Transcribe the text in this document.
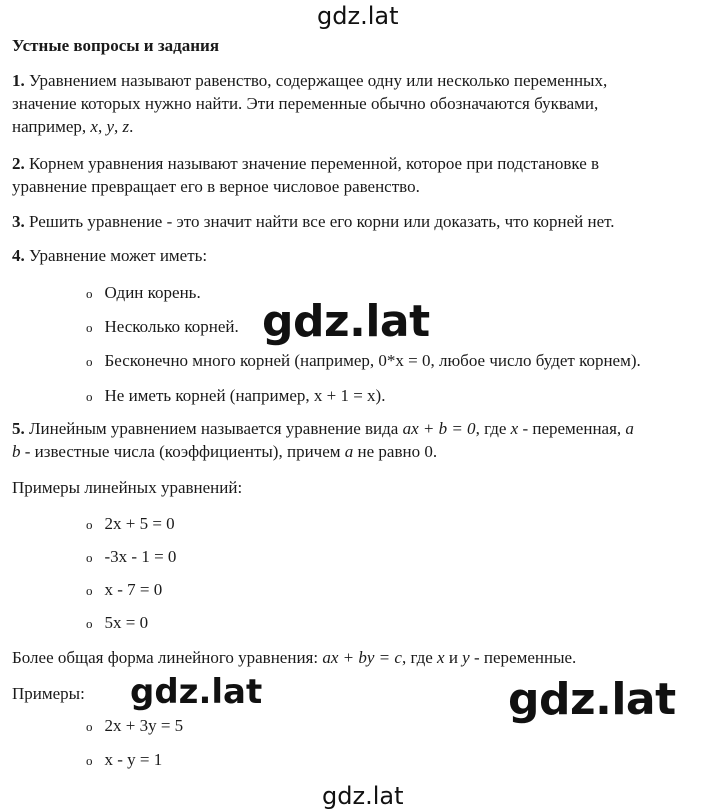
gdz.lat
gdz.lat
gdz.lat	gdz.lat
gdz.lat
Устные вопросы и задания
1. Уравнением называют равенство, содержащее одну или несколько переменных,
значение которых нужно найти. Эти переменные обычно обозначаются буквами,
например, x, y, z.
2. Корнем уравнения называют значение переменной, которое при подстановке в
уравнение превращает его в верное числовое равенство.
3. Решить уравнение - это значит найти все его корни или доказать, что корней нет.
4. Уравнение может иметь:
o Один корень.
o Несколько корней.
o Бесконечно много корней (например, 0*x = 0, любое число будет корнем).
o Не иметь корней (например, x + 1 = x).
5. Линейным уравнением называется уравнение вида ax + b = 0, где x - переменная, a
b - известные числа (коэффициенты), причем a не равно 0.
Примеры линейных уравнений:
o 2x + 5 = 0
o -3x - 1 = 0
o x - 7 = 0
o 5x = 0
Более общая форма линейного уравнения: ax + by = c, где x и y - переменные.
Примеры:
o 2x + 3y = 5
o x - y = 1
